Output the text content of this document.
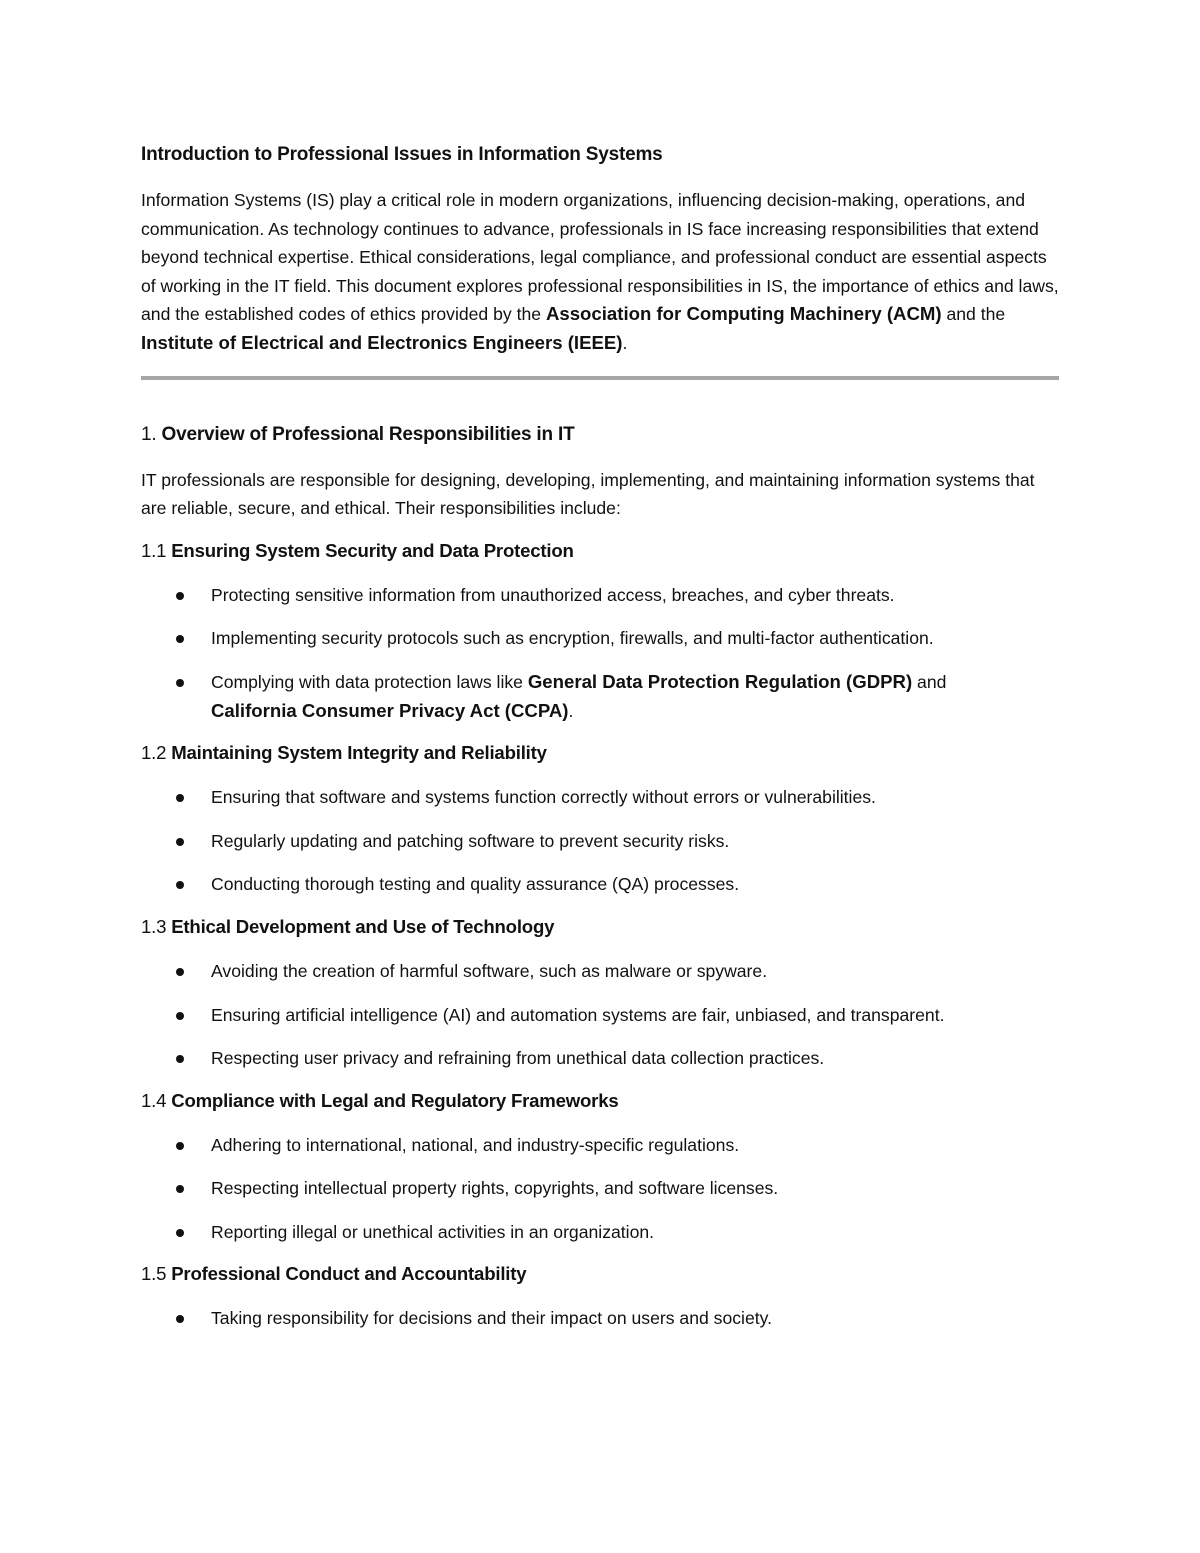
Introduction to Professional Issues in Information Systems

Information Systems (IS) play a critical role in modern organizations, influencing decision-making, operations, and communication. As technology continues to advance, professionals in IS face increasing responsibilities that extend beyond technical expertise. Ethical considerations, legal compliance, and professional conduct are essential aspects of working in the IT field. This document explores professional responsibilities in IS, the importance of ethics and laws, and the established codes of ethics provided by the Association for Computing Machinery (ACM) and the Institute of Electrical and Electronics Engineers (IEEE).

1. Overview of Professional Responsibilities in IT

IT professionals are responsible for designing, developing, implementing, and maintaining information systems that are reliable, secure, and ethical. Their responsibilities include:

1.1 Ensuring System Security and Data Protection
Protecting sensitive information from unauthorized access, breaches, and cyber threats.
Implementing security protocols such as encryption, firewalls, and multi-factor authentication.
Complying with data protection laws like General Data Protection Regulation (GDPR) and
California Consumer Privacy Act (CCPA).
1.2 Maintaining System Integrity and Reliability
Ensuring that software and systems function correctly without errors or vulnerabilities.
Regularly updating and patching software to prevent security risks.
Conducting thorough testing and quality assurance (QA) processes.
1.3 Ethical Development and Use of Technology
Avoiding the creation of harmful software, such as malware or spyware.
Ensuring artificial intelligence (AI) and automation systems are fair, unbiased, and transparent.
Respecting user privacy and refraining from unethical data collection practices.
1.4 Compliance with Legal and Regulatory Frameworks
Adhering to international, national, and industry-specific regulations.
Respecting intellectual property rights, copyrights, and software licenses.
Reporting illegal or unethical activities in an organization.
1.5 Professional Conduct and Accountability
Taking responsibility for decisions and their impact on users and society.
